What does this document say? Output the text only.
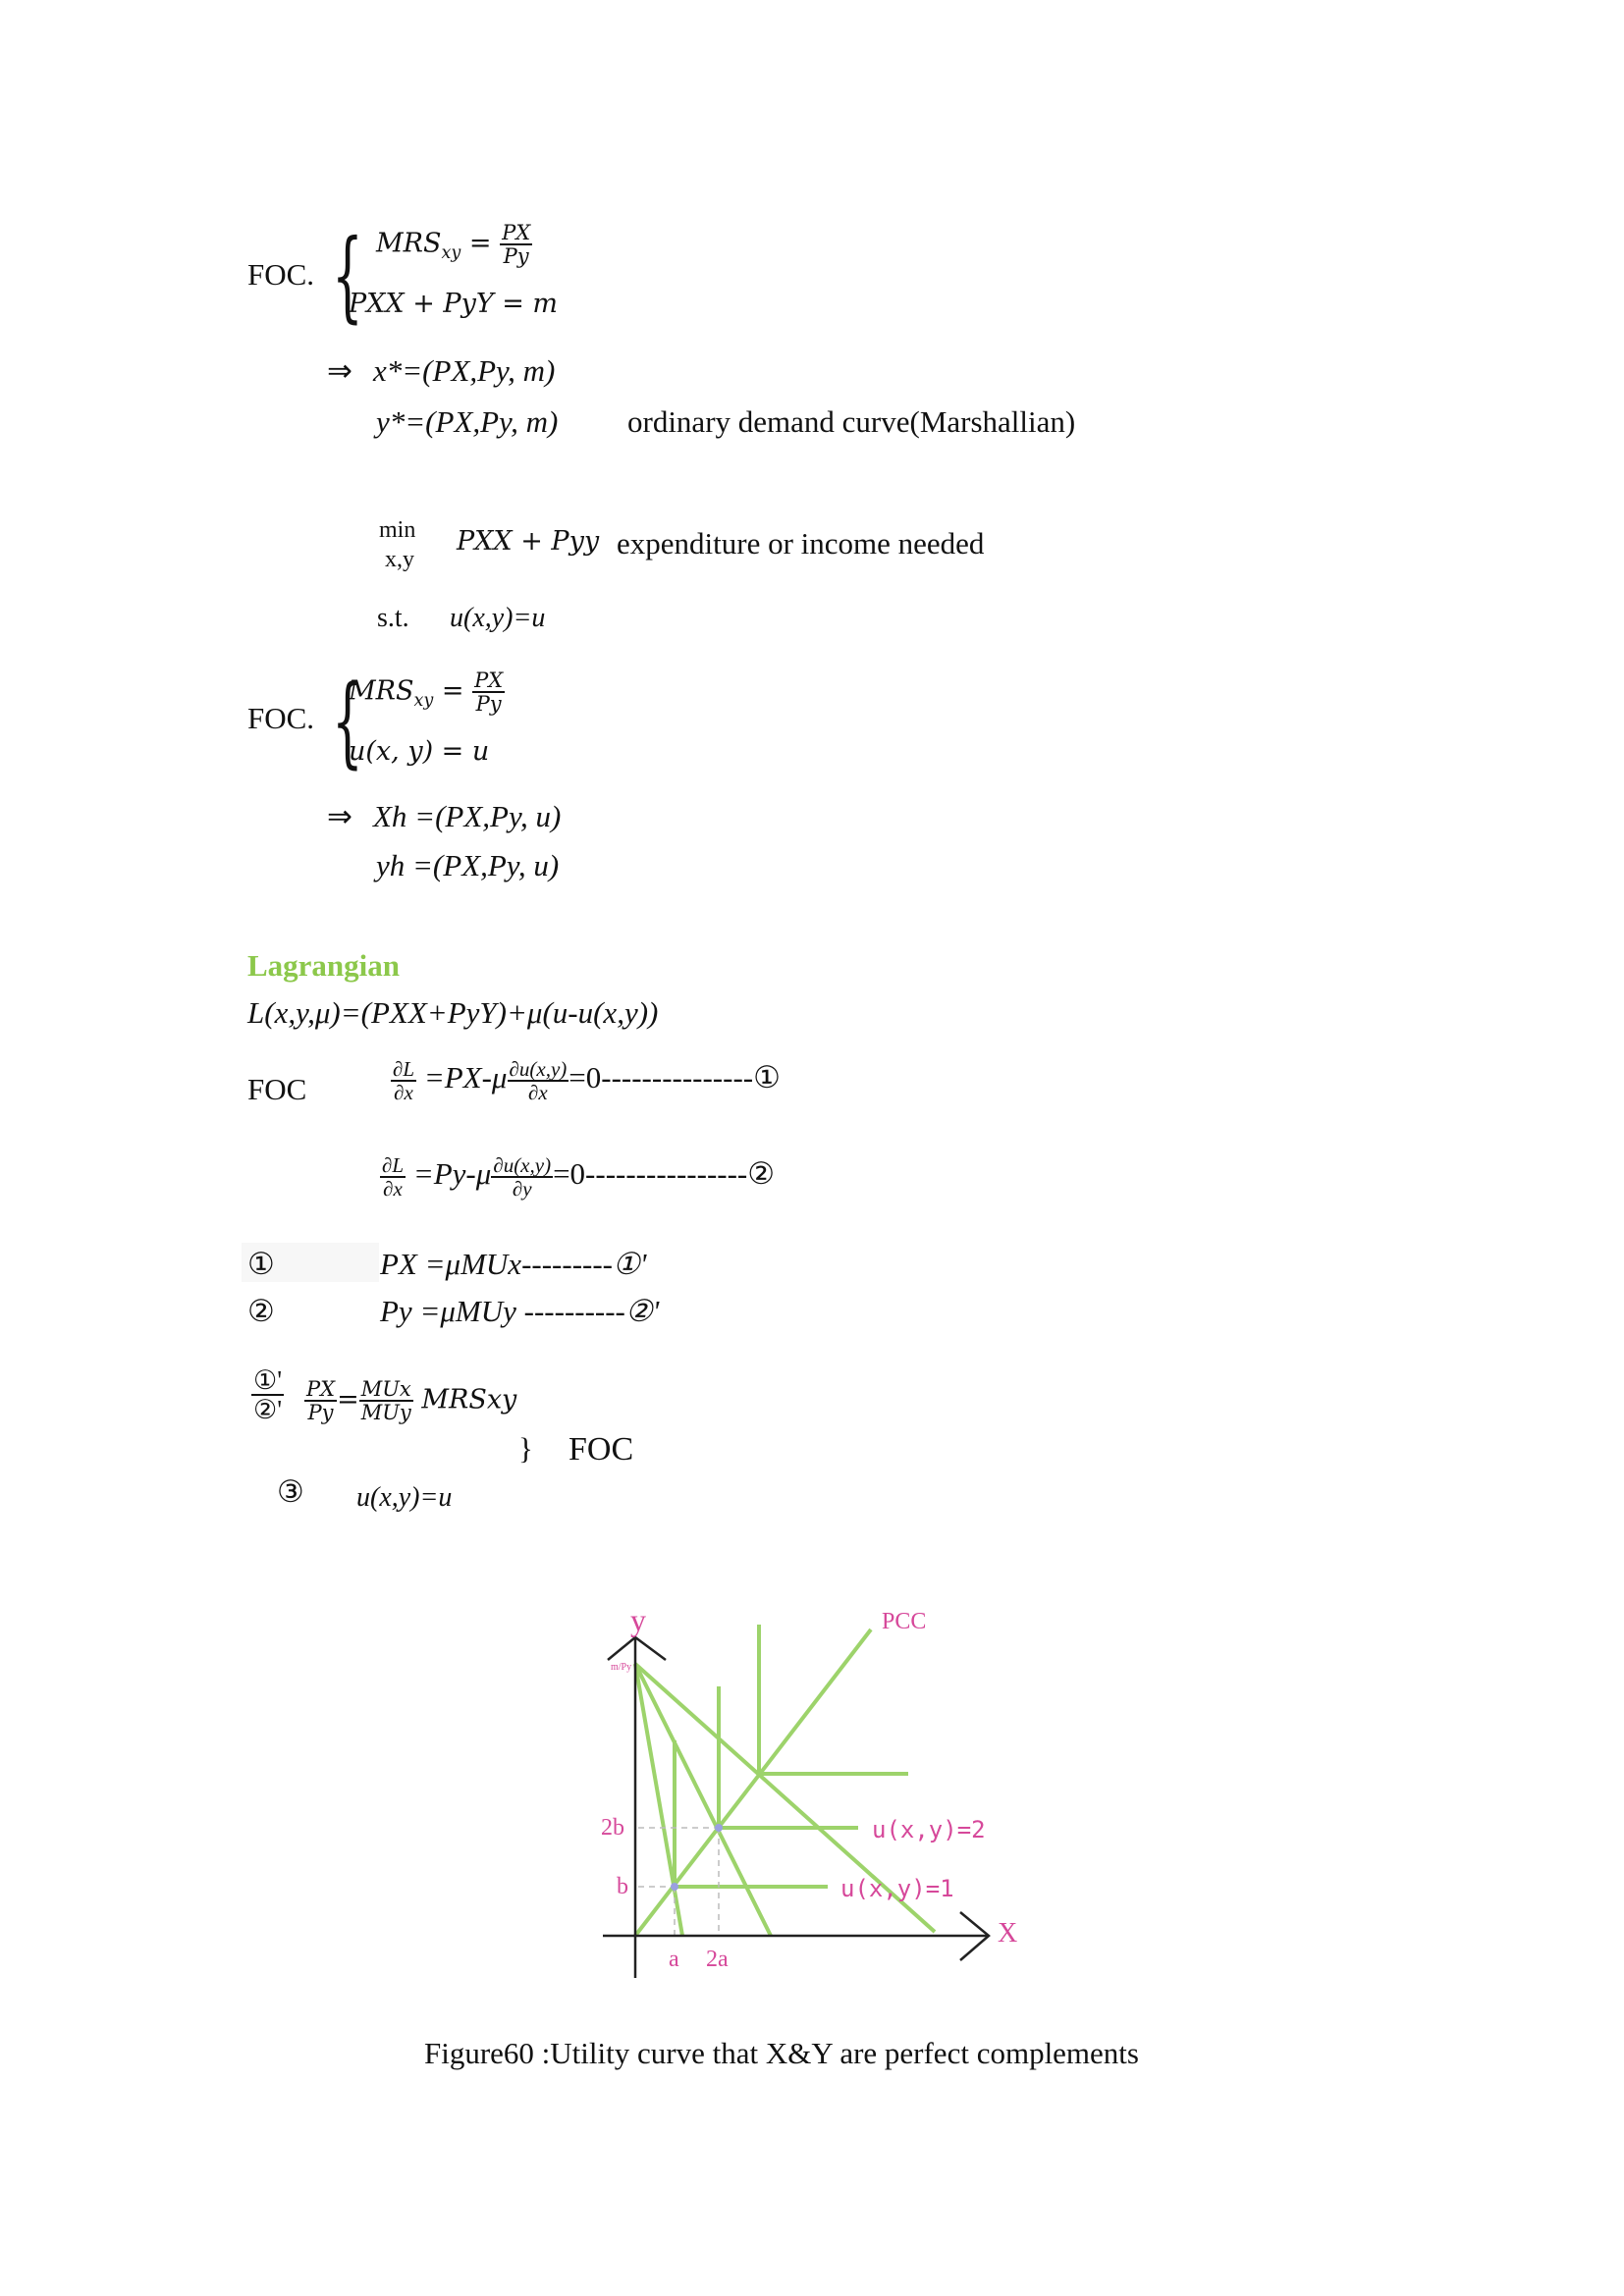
FOC. { $MRS_{xy} = \frac{PX}{Py}$
PXX + PyY = m
⇒ x*=(PX,Py, m)
y*=(PX,Py, m) ordinary demand curve(Marshallian)
min
x,y
PXX + Pyy expenditure or income needed
s.t. u(x,y)=u
FOC. {
$MRS_{xy} = \frac{PX}{Py}$
u(x, y) = u
⇒ Xh =(PX,Py, u)
yh =(PX,Py, u)
Lagrangian
L(x,y,μ)=(PXX+PyY)+μ(u-u(x,y))
FOC	$\frac{\partial L}{\partial x} =PX-\mu \frac{\partial u(x,y)}{\partial x}$ =0---------------①
$\frac{\partial L}{\partial x} =Py-\mu \frac{\partial u(x,y)}{\partial y}$ =0----------------②
①	PX =μMUx---------①'
②	Py =μMUy ----------②'
$\frac{\text{①'}}{\text{②'}} \frac{PX}{Py} = \frac{\text{MUx}}{\text{MUy}}$ MRSxy
} FOC
③ u(x,y)=u
y
X
PCC
m/Py
2b
b
a 2a
u(x,y)=2
u(x,y)=1
Figure60 :Utility curve that X&Y are perfect complements
